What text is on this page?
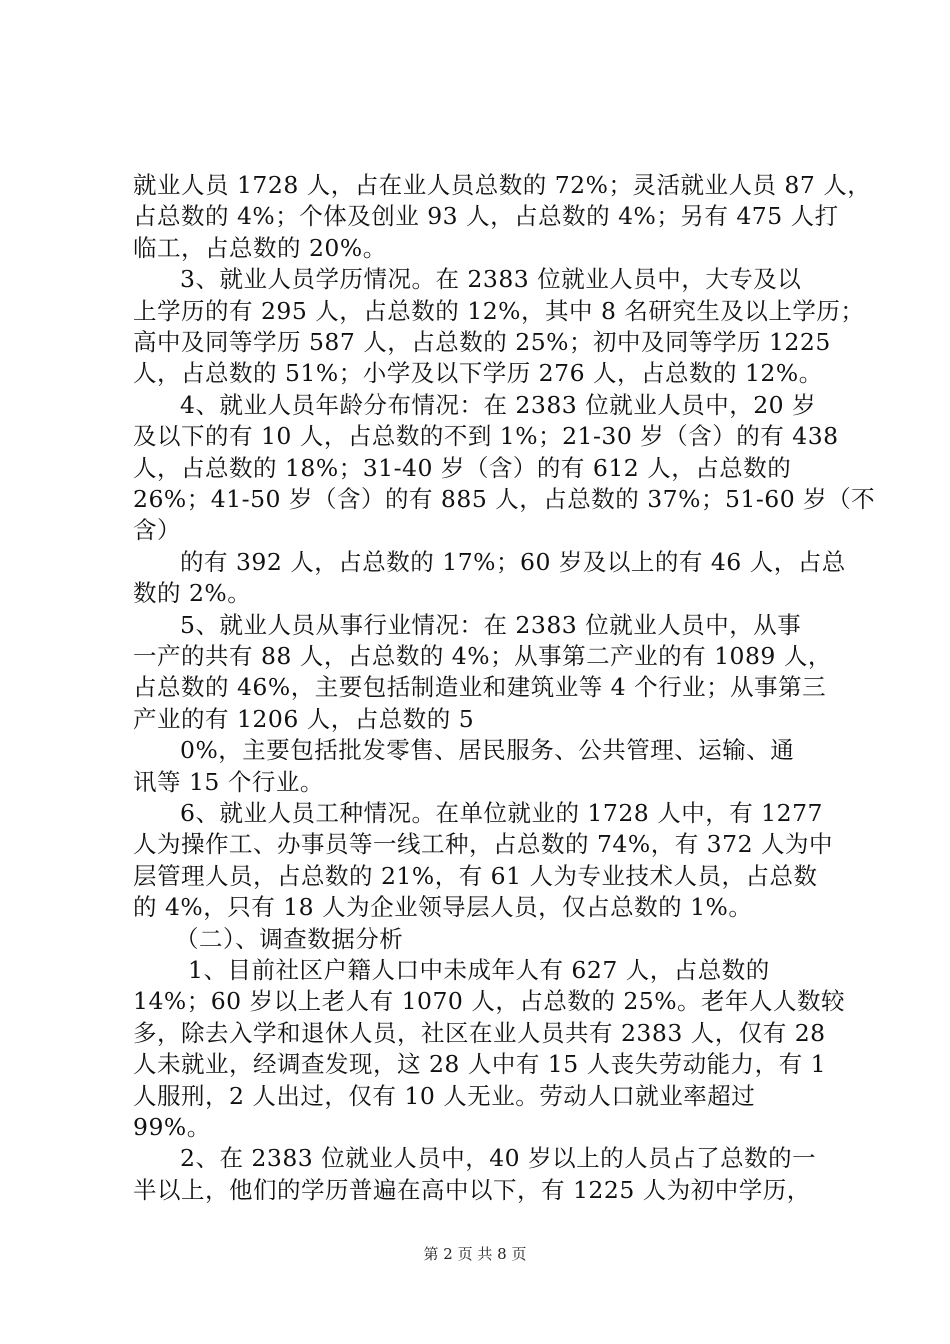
就业人员 1728 人，占在业人员总数的 72%；灵活就业人员 87 人，
占总数的 4%；个体及创业 93 人，占总数的 4%；另有 475 人打
临工，占总数的 20%。
3、就业人员学历情况。在 2383 位就业人员中，大专及以
上学历的有 295 人，占总数的 12%，其中 8 名研究生及以上学历；
高中及同等学历 587 人，占总数的 25%；初中及同等学历 1225
人，占总数的 51%；小学及以下学历 276 人，占总数的 12%。
4、就业人员年龄分布情况：在 2383 位就业人员中，20 岁
及以下的有 10 人，占总数的不到 1%；21-30 岁（含）的有 438
人，占总数的 18%；31-40 岁（含）的有 612 人，占总数的
26%；41-50 岁（含）的有 885 人，占总数的 37%；51-60 岁（不
含）
的有 392 人，占总数的 17%；60 岁及以上的有 46 人，占总
数的 2%。
5、就业人员从事行业情况：在 2383 位就业人员中，从事
一产的共有 88 人，占总数的 4%；从事第二产业的有 1089 人，
占总数的 46%，主要包括制造业和建筑业等 4 个行业；从事第三
产业的有 1206 人，占总数的 5
0%，主要包括批发零售、居民服务、公共管理、运输、通
讯等 15 个行业。
6、就业人员工种情况。在单位就业的 1728 人中，有 1277
人为操作工、办事员等一线工种，占总数的 74%，有 372 人为中
层管理人员，占总数的 21%，有 61 人为专业技术人员，占总数
的 4%，只有 18 人为企业领导层人员，仅占总数的 1%。
（二）、调查数据分析
1、目前社区户籍人口中未成年人有 627 人，占总数的
14%；60 岁以上老人有 1070 人，占总数的 25%。老年人人数较
多，除去入学和退休人员，社区在业人员共有 2383 人，仅有 28
人未就业，经调查发现，这 28 人中有 15 人丧失劳动能力，有 1
人服刑，2 人出过，仅有 10 人无业。劳动人口就业率超过
99%。
2、在 2383 位就业人员中，40 岁以上的人员占了总数的一
半以上，他们的学历普遍在高中以下，有 1225 人为初中学历，
第 2 页 共 8 页
